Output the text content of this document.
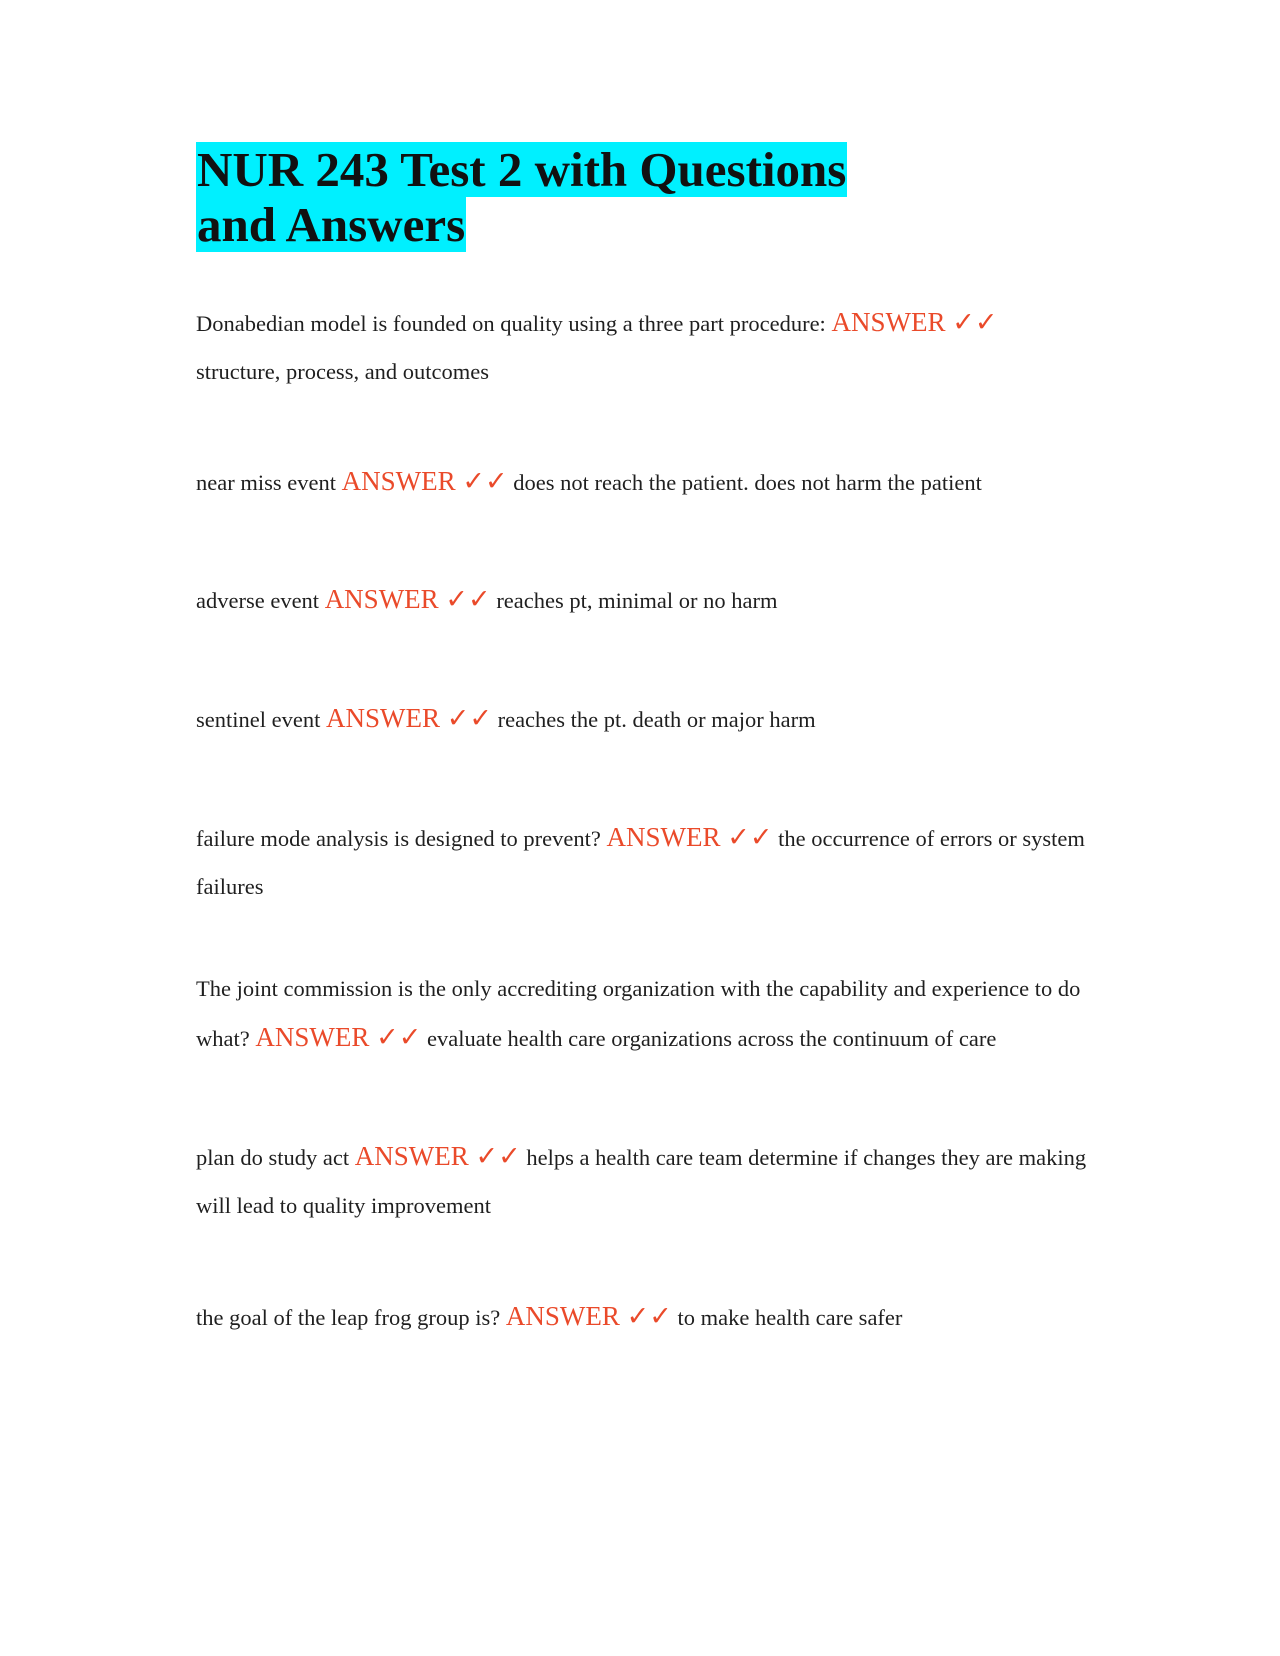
NUR 243 Test 2 with Questions and Answers

Donabedian model is founded on quality using a three part procedure: ANSWER ✓✓
structure, process, and outcomes

near miss event ANSWER ✓✓ does not reach the patient. does not harm the patient

adverse event ANSWER ✓✓ reaches pt, minimal or no harm

sentinel event ANSWER ✓✓ reaches the pt. death or major harm

failure mode analysis is designed to prevent? ANSWER ✓✓ the occurrence of errors or system failures

The joint commission is the only accrediting organization with the capability and experience to do what? ANSWER ✓✓ evaluate health care organizations across the continuum of care

plan do study act ANSWER ✓✓ helps a health care team determine if changes they are making will lead to quality improvement

the goal of the leap frog group is? ANSWER ✓✓ to make health care safer
